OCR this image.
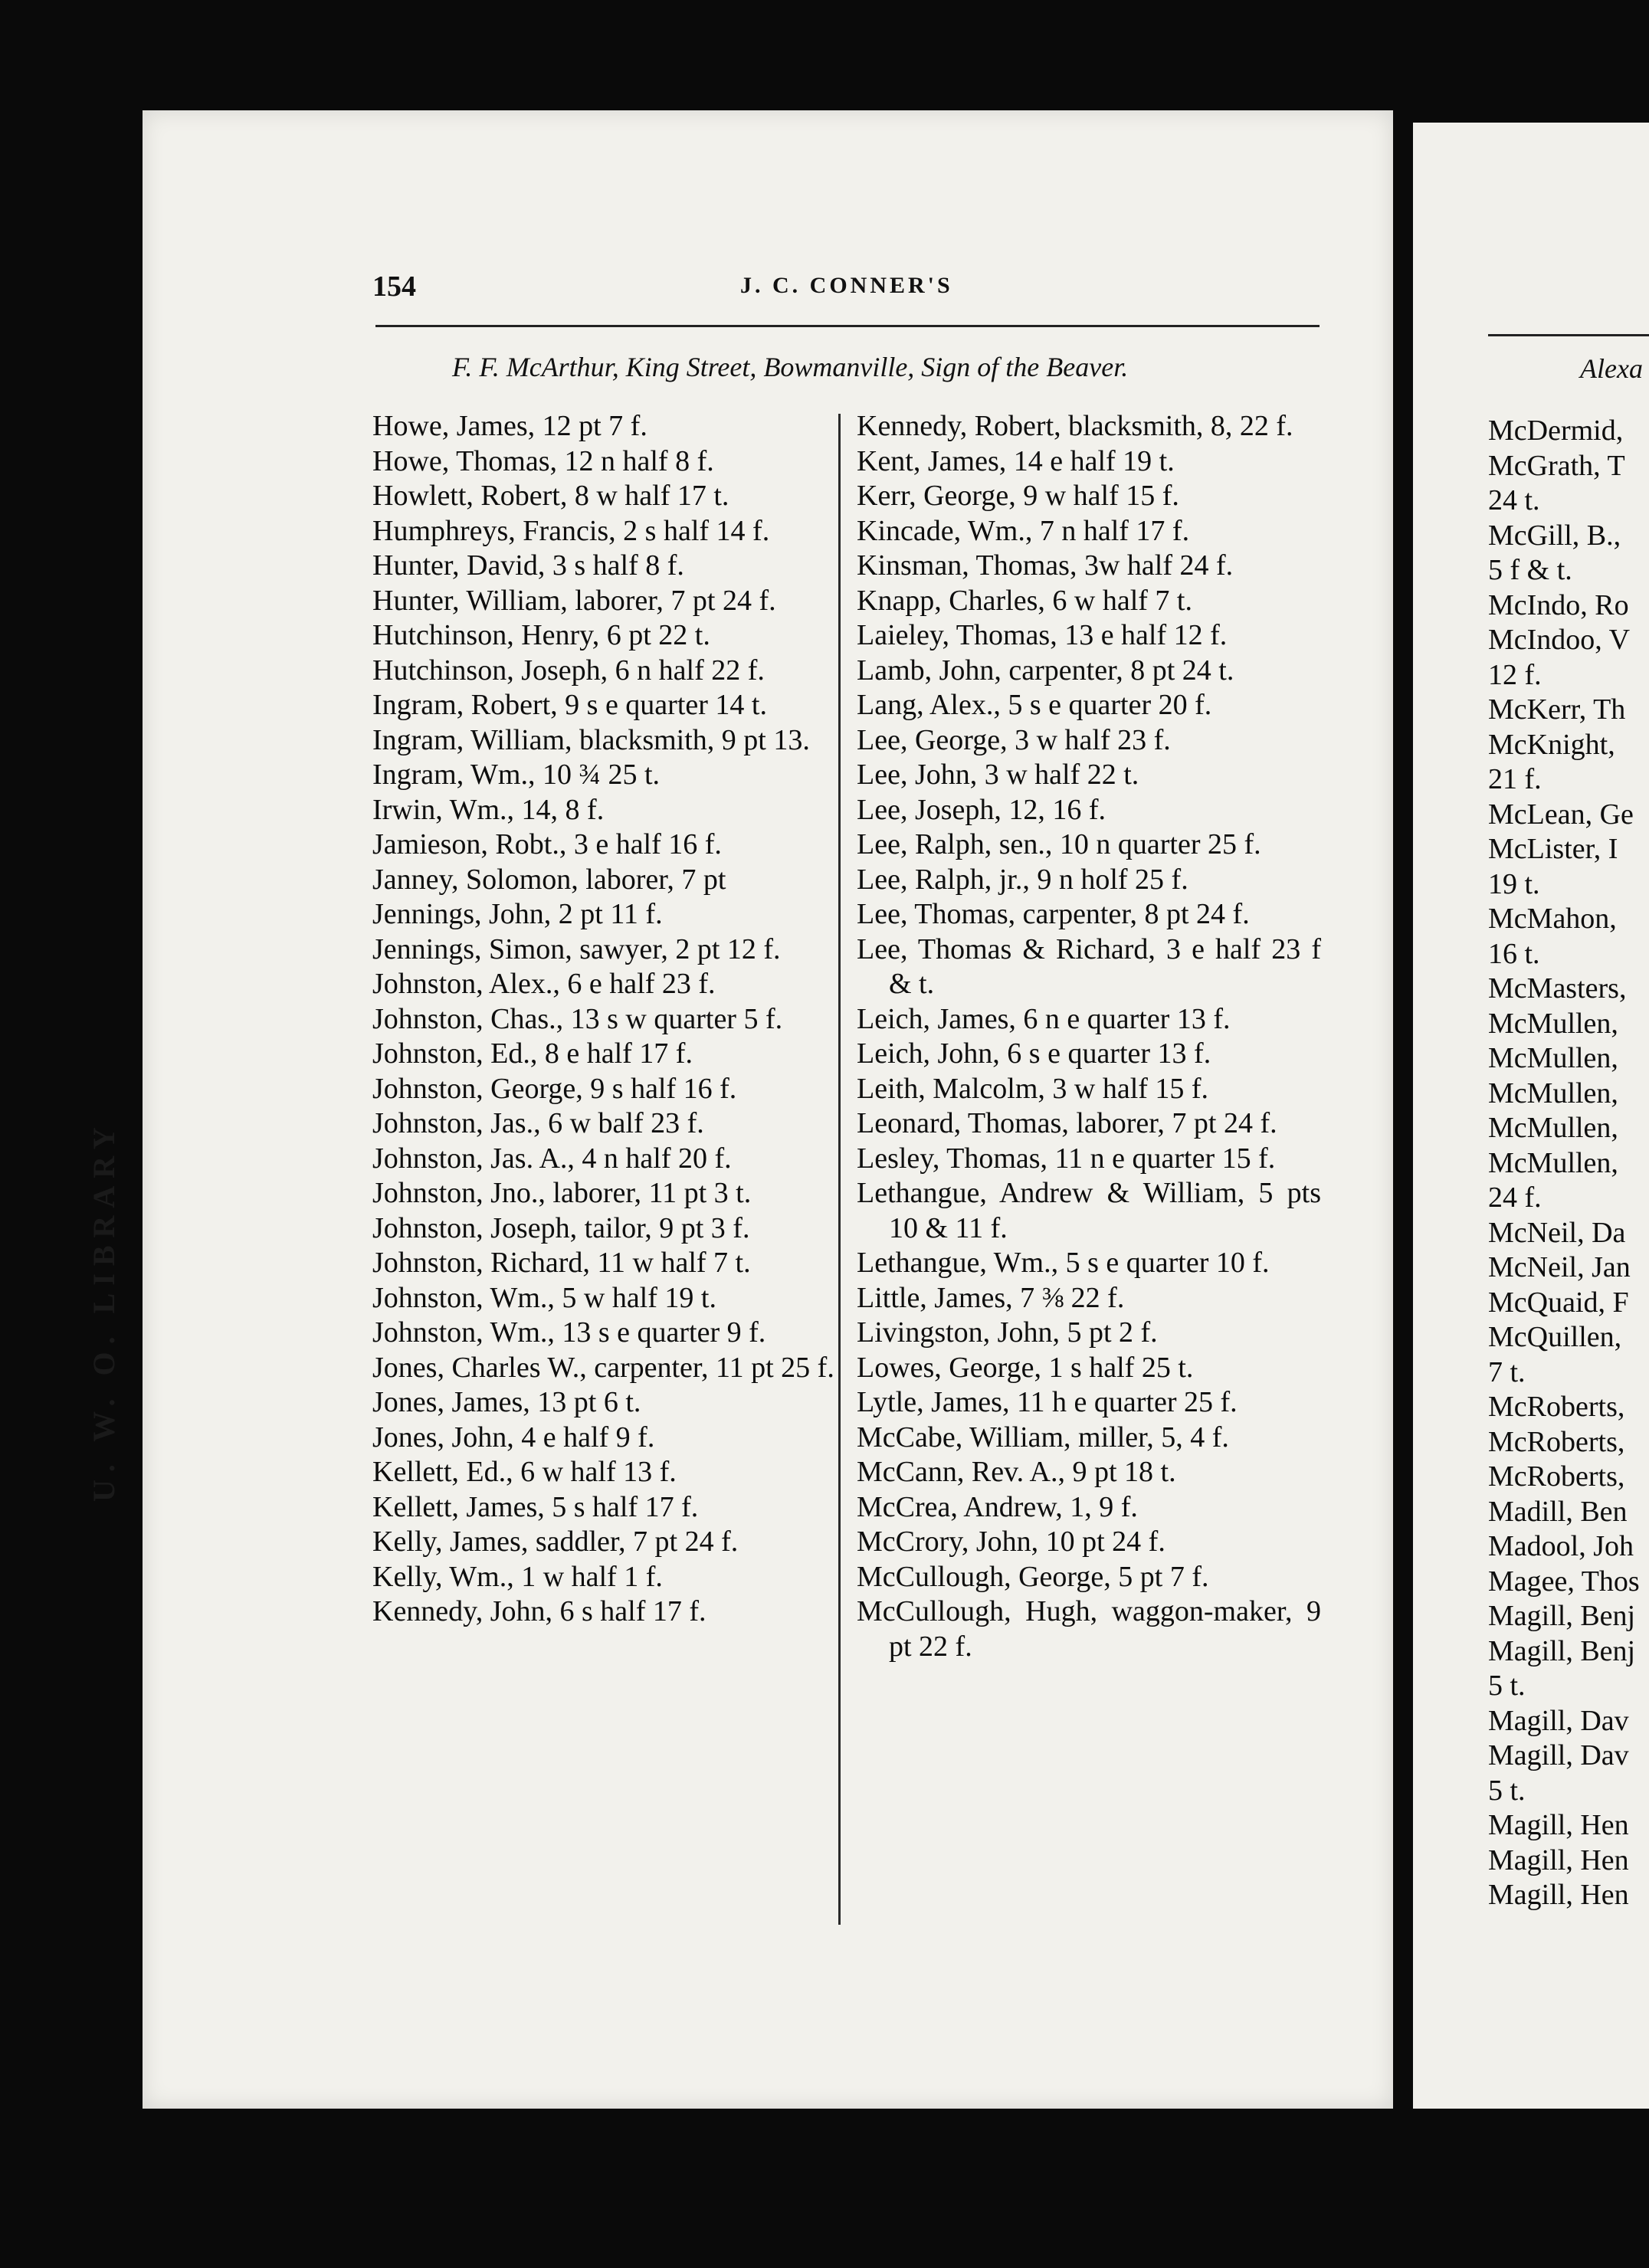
U. W. O. LIBRARY
154	J. C. CONNER'S
F. F. McArthur, King Street, Bowmanville, Sign of the Beaver.
Howe, James, 12 pt 7 f.
Howe, Thomas, 12 n half 8 f.
Howlett, Robert, 8 w half 17 t.
Humphreys, Francis, 2 s half 14 f.
Hunter, David, 3 s half 8 f.
Hunter, William, laborer, 7 pt 24 f.
Hutchinson, Henry, 6 pt 22 t.
Hutchinson, Joseph, 6 n half 22 f.
Ingram, Robert, 9 s e quarter 14 t.
Ingram, William, blacksmith, 9 pt 13.
Ingram, Wm., 10 ¾ 25 t.
Irwin, Wm., 14, 8 f.
Jamieson, Robt., 3 e half 16 f.
Janney, Solomon, laborer, 7 pt
Jennings, John, 2 pt 11 f.
Jennings, Simon, sawyer, 2 pt 12 f.
Johnston, Alex., 6 e half 23 f.
Johnston, Chas., 13 s w quarter 5 f.
Johnston, Ed., 8 e half 17 f.
Johnston, George, 9 s half 16 f.
Johnston, Jas., 6 w balf 23 f.
Johnston, Jas. A., 4 n half 20 f.
Johnston, Jno., laborer, 11 pt 3 t.
Johnston, Joseph, tailor, 9 pt 3 f.
Johnston, Richard, 11 w half 7 t.
Johnston, Wm., 5 w half 19 t.
Johnston, Wm., 13 s e quarter 9 f.
Jones, Charles W., carpenter, 11 pt 25 f.
Jones, James, 13 pt 6 t.
Jones, John, 4 e half 9 f.
Kellett, Ed., 6 w half 13 f.
Kellett, James, 5 s half 17 f.
Kelly, James, saddler, 7 pt 24 f.
Kelly, Wm., 1 w half 1 f.
Kennedy, John, 6 s half 17 f.
Kennedy, Robert, blacksmith, 8, 22 f.
Kent, James, 14 e half 19 t.
Kerr, George, 9 w half 15 f.
Kincade, Wm., 7 n half 17 f.
Kinsman, Thomas, 3w half 24 f.
Knapp, Charles, 6 w half 7 t.
Laieley, Thomas, 13 e half 12 f.
Lamb, John, carpenter, 8 pt 24 t.
Lang, Alex., 5 s e quarter 20 f.
Lee, George, 3 w half 23 f.
Lee, John, 3 w half 22 t.
Lee, Joseph, 12, 16 f.
Lee, Ralph, sen., 10 n quarter 25 f.
Lee, Ralph, jr., 9 n holf 25 f.
Lee, Thomas, carpenter, 8 pt 24 f.
Lee, Thomas & Richard, 3 e half 23 f & t.
Leich, James, 6 n e quarter 13 f.
Leich, John, 6 s e quarter 13 f.
Leith, Malcolm, 3 w half 15 f.
Leonard, Thomas, laborer, 7 pt 24 f.
Lesley, Thomas, 11 n e quarter 15 f.
Lethangue, Andrew & William, 5 pts 10 & 11 f.
Lethangue, Wm., 5 s e quarter 10 f.
Little, James, 7 ⅜ 22 f.
Livingston, John, 5 pt 2 f.
Lowes, George, 1 s half 25 t.
Lytle, James, 11 h e quarter 25 f.
McCabe, William, miller, 5, 4 f.
McCann, Rev. A., 9 pt 18 t.
McCrea, Andrew, 1, 9 f.
McCrory, John, 10 pt 24 f.
McCullough, George, 5 pt 7 f.
McCullough, Hugh, waggon-maker, 9 pt 22 f.
Alexa
McDermid,
McGrath, T
24 t.
McGill, B.,
5 f & t.
McIndo, Ro
McIndoo, V
12 f.
McKerr, Th
McKnight,
21 f.
McLean, Ge
McLister, I
19 t.
McMahon,
16 t.
McMasters,
McMullen,
McMullen,
McMullen,
McMullen,
McMullen,
24 f.
McNeil, Da
McNeil, Jan
McQuaid, F
McQuillen,
7 t.
McRoberts,
McRoberts,
McRoberts,
Madill, Ben
Madool, Joh
Magee, Thos
Magill, Benj
Magill, Benj
5 t.
Magill, Dav
Magill, Dav
5 t.
Magill, Hen
Magill, Hen
Magill, Hen
